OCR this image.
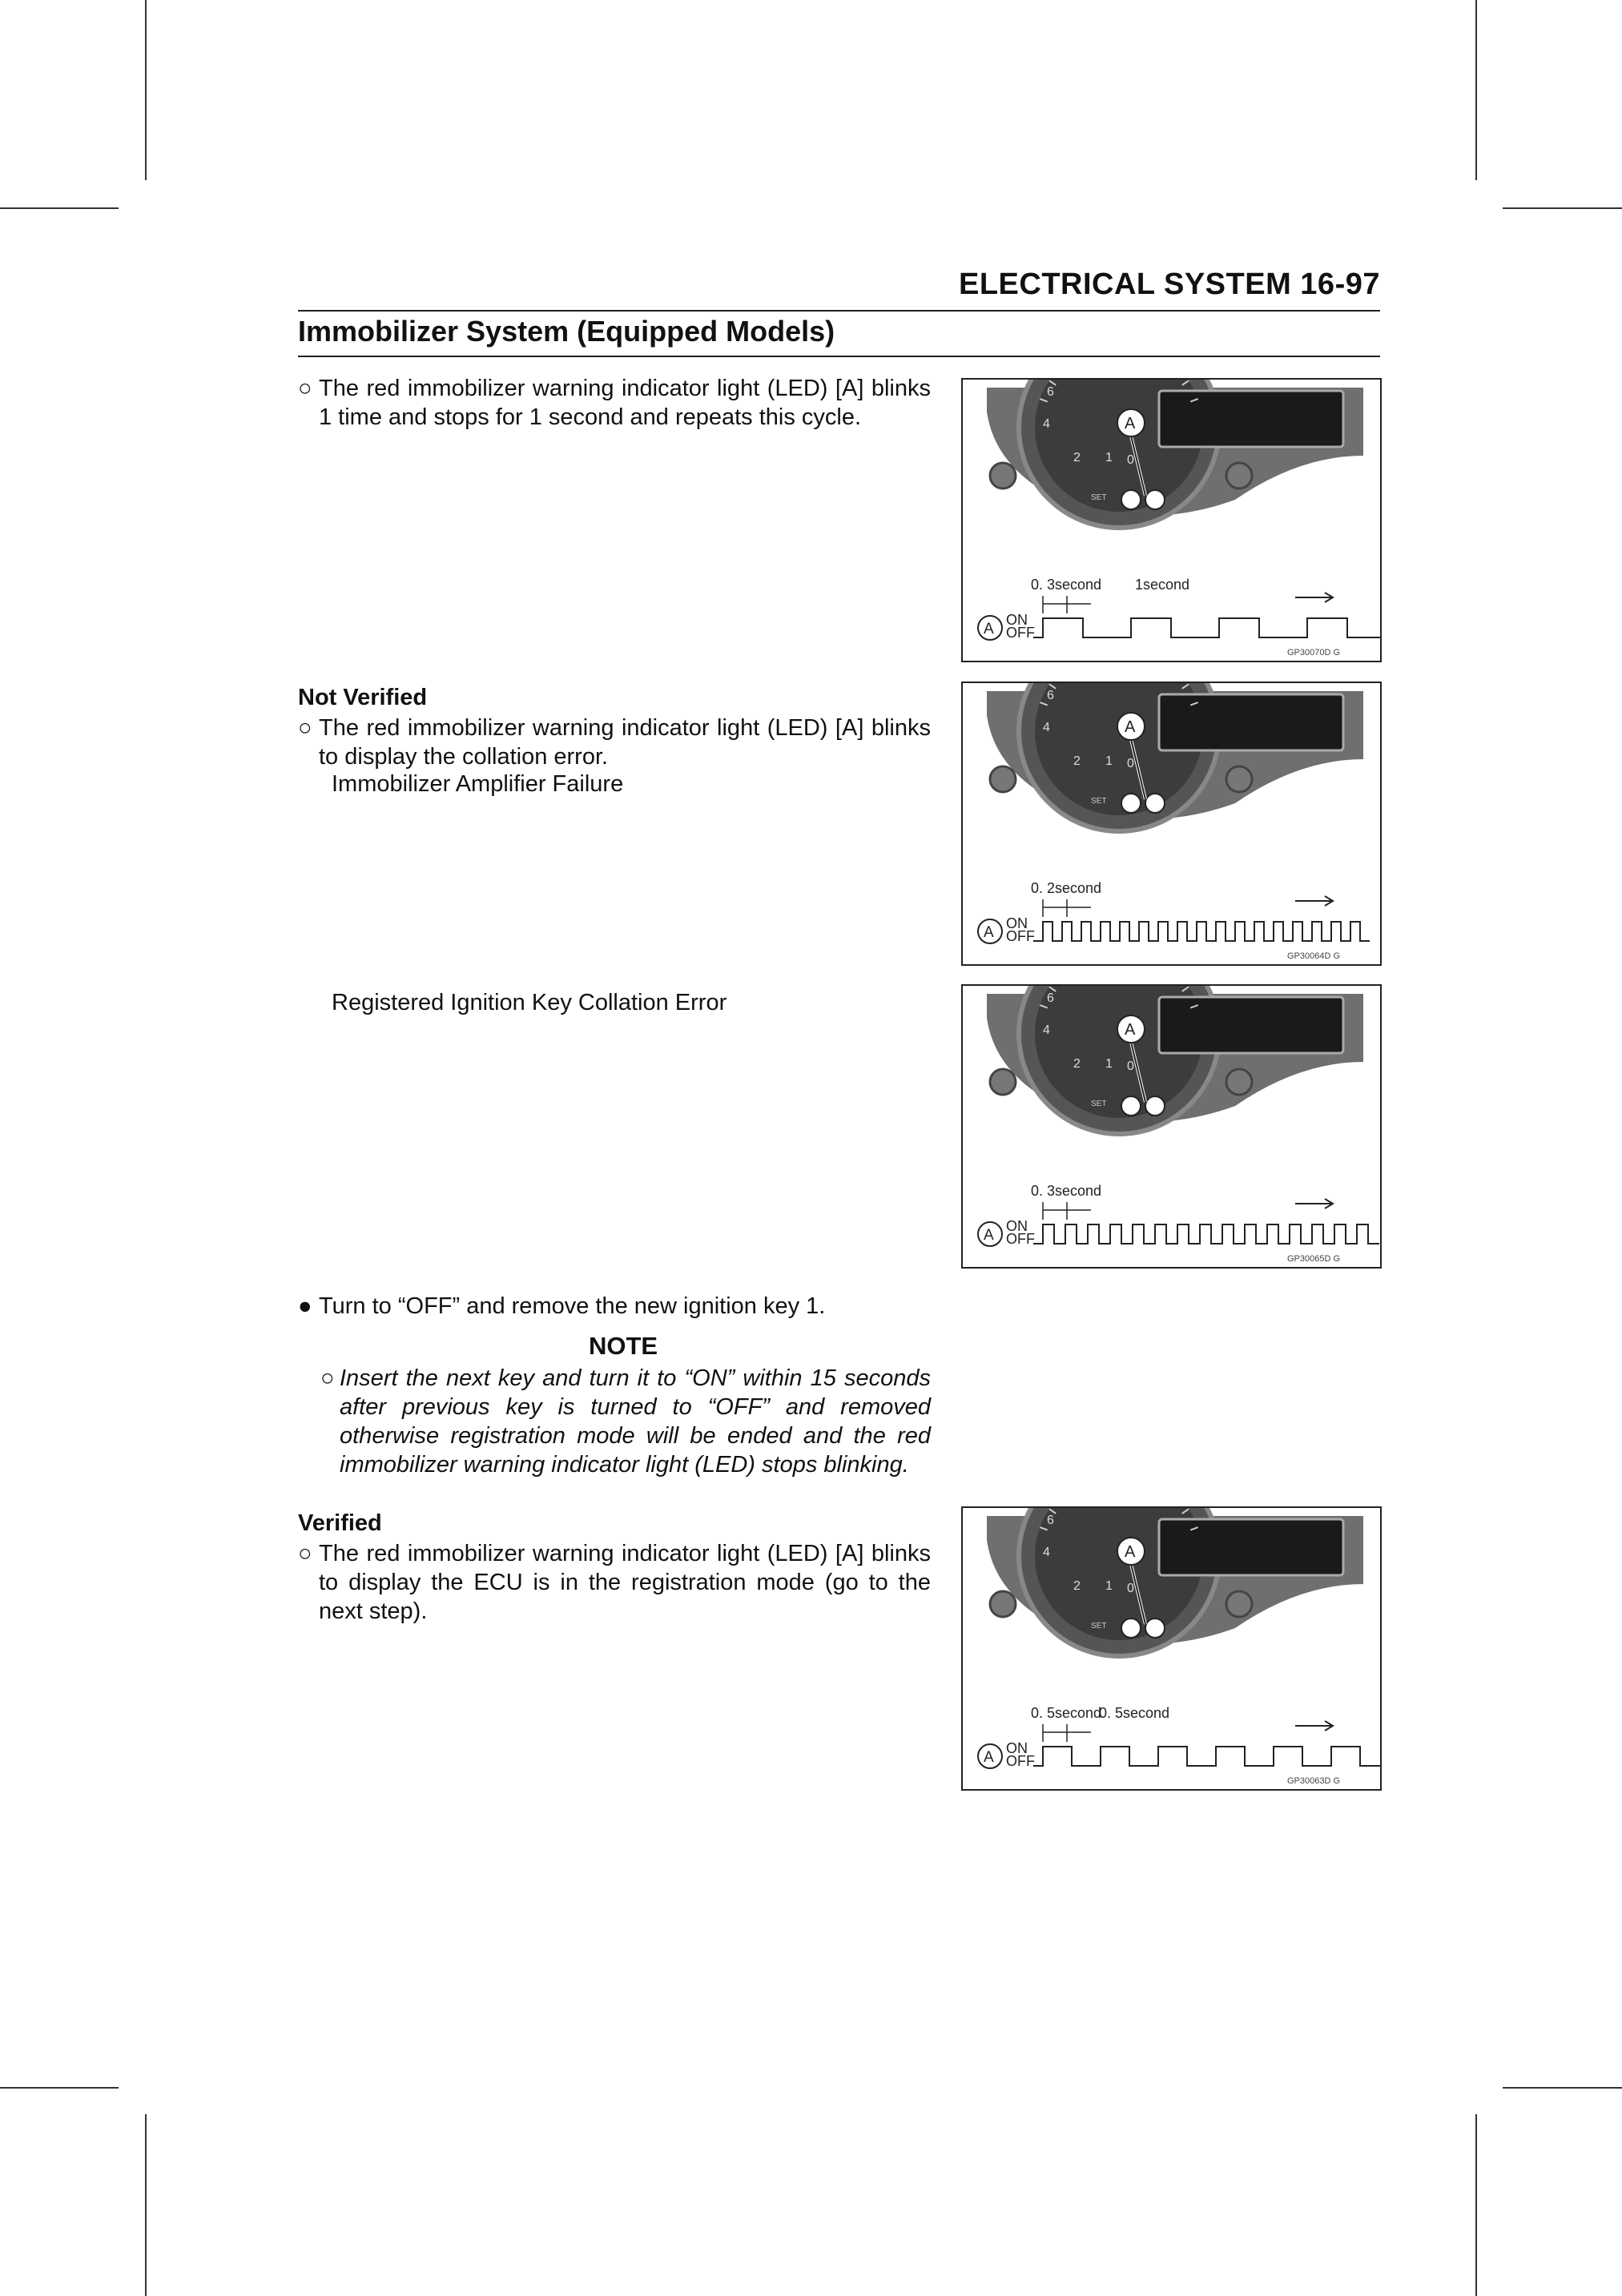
ELECTRICAL SYSTEM 16-97
Immobilizer System (Equipped Models)
○ The red immobilizer warning indicator light (LED) [A] blinks 1 time and stops for 1 second and repeats this cycle.
Not Verified
○ The red immobilizer warning indicator light (LED) [A] blinks to display the collation error.
Immobilizer Amplifier Failure
Registered Ignition Key Collation Error
● Turn to “OFF” and remove the new ignition key 1.
NOTE
○ Insert the next key and turn it to “ON” within 15 seconds after previous key is turned to “OFF” and removed otherwise registration mode will be ended and the red immobilizer warning indicator light (LED) stops blinking.
Verified
○ The red immobilizer warning indicator light (LED) [A] blinks to display the ECU is in the registration mode (go to the next step).
6
4
2 1 0
SET
A
A
ON
OFF
0. 3second 1second
GP30070D G
6
4
2 1 0
SET
A
A
ON
OFF
0. 2second
GP30064D G
6
4
2 1 0
SET
A
A
ON
OFF
0. 3second
GP30065D G
6
4
2 1 0
SET
A
A
ON
OFF
0. 5second
0. 5second
GP30063D G
